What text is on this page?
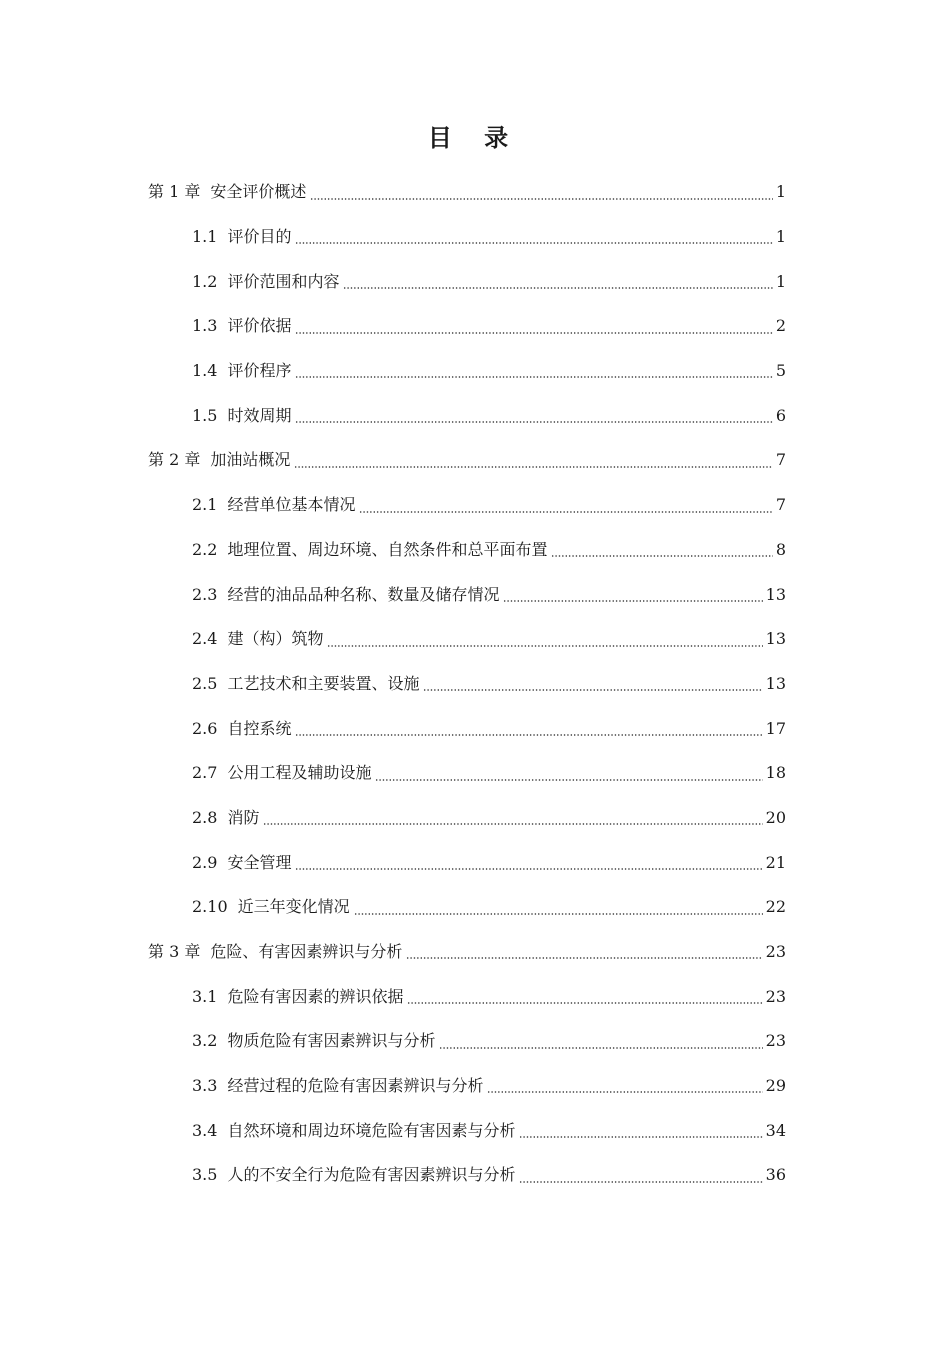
目 录
第 1 章 安全评价概述	1
1.1 评价目的	1
1.2 评价范围和内容	1
1.3 评价依据	2
1.4 评价程序	5
1.5 时效周期	6
第 2 章 加油站概况	7
2.1 经营单位基本情况	7
2.2 地理位置、周边环境、自然条件和总平面布置	8
2.3 经营的油品品种名称、数量及储存情况	13
2.4 建（构）筑物	13
2.5 工艺技术和主要装置、设施	13
2.6 自控系统	17
2.7 公用工程及辅助设施	18
2.8 消防	20
2.9 安全管理	21
2.10 近三年变化情况	22
第 3 章 危险、有害因素辨识与分析	23
3.1 危险有害因素的辨识依据	23
3.2 物质危险有害因素辨识与分析	23
3.3 经营过程的危险有害因素辨识与分析	29
3.4 自然环境和周边环境危险有害因素与分析	34
3.5 人的不安全行为危险有害因素辨识与分析	36
